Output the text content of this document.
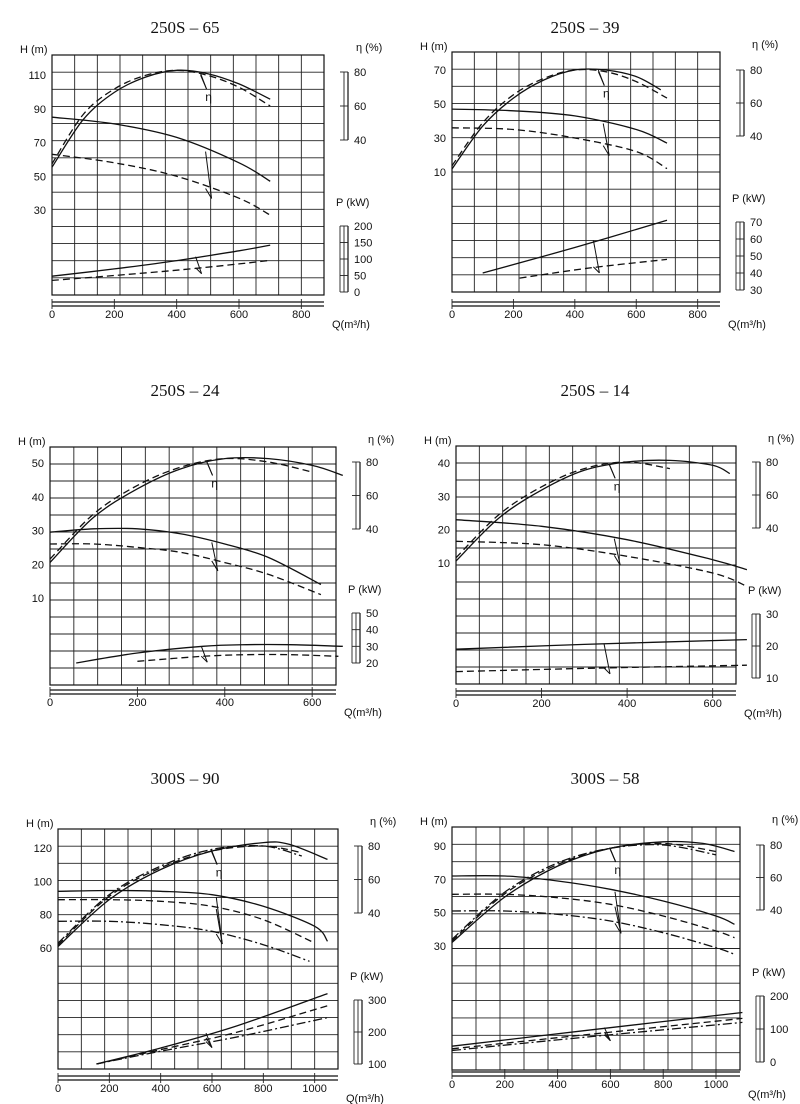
250S – 65
H (m)
30
50
70
90
110
η (%)
40
60
80
P (kW)
0
50
100
150
200
0	200	400	600	800
Q(m³/h)
η
250S – 39
H (m)
10
30
50
70
η (%)
40
60
80
P (kW)
30
40
50
60
70
0	200	400	600	800
Q(m³/h)
η
250S – 24
H (m)
10
20
30
40
50
η (%)
40
60
80
P (kW)
20
30
40
50
0	200	400	600
Q(m³/h)
η
250S – 14
H (m)
10
20
30
40
η (%)
40
60
80
P (kW)
10
20
30
0	200	400	600
Q(m³/h)
η
300S – 90
H (m)
60
80
100
120
η (%)
40
60
80
P (kW)
100
200
300
0	200	400	600	800	1000
Q(m³/h)
η
300S – 58
H (m)
30
50
70
90
η (%)
40
60
80
P (kW)
0
100
200
0	200	400	600	800	1000
Q(m³/h)
η
